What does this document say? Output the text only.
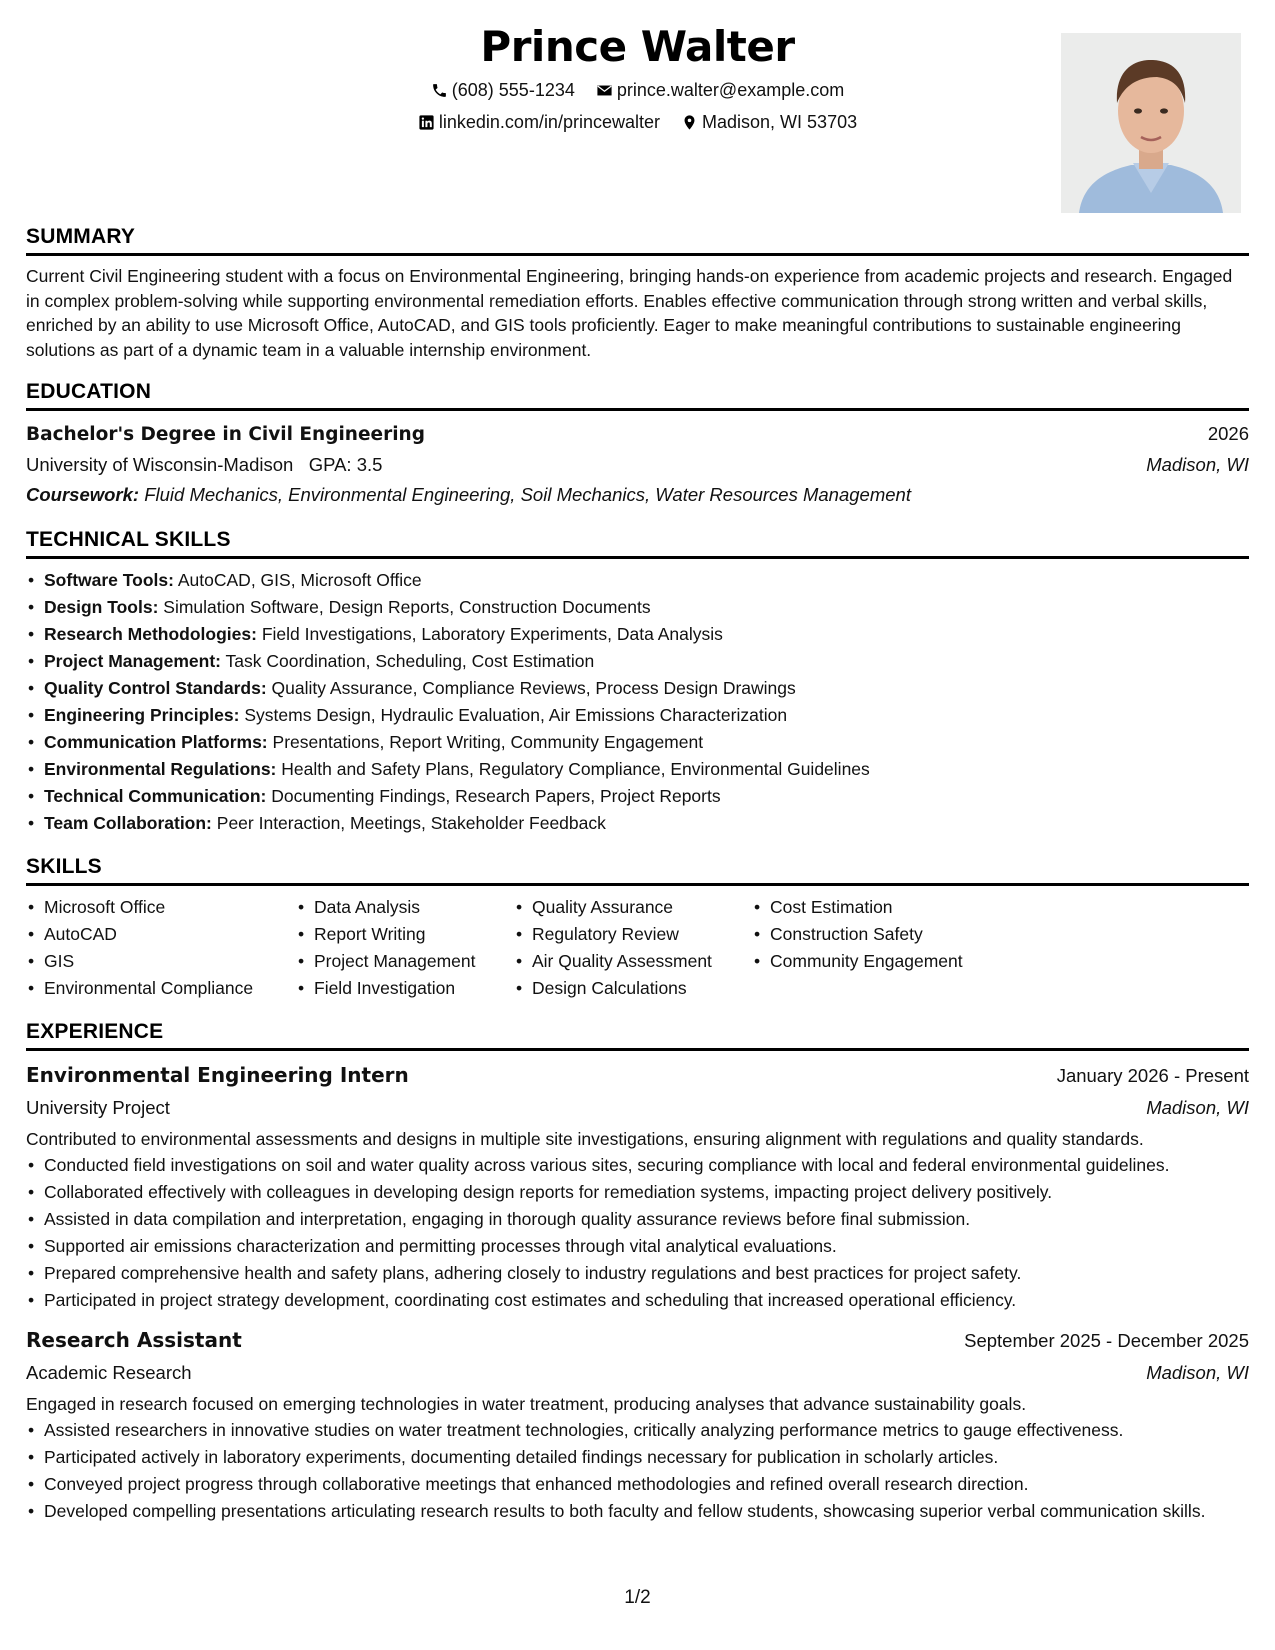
Prince Walter
(608) 555-1234
prince.walter@example.com
linkedin.com/in/princewalter
Madison, WI 53703
SUMMARY
Current Civil Engineering student with a focus on Environmental Engineering, bringing hands-on experience from academic projects and research. Engaged in complex problem-solving while supporting environmental remediation efforts. Enables effective communication through strong written and verbal skills, enriched by an ability to use Microsoft Office, AutoCAD, and GIS tools proficiently. Eager to make meaningful contributions to sustainable engineering solutions as part of a dynamic team in a valuable internship environment.
EDUCATION
Bachelor's Degree in Civil Engineering	2026
University of Wisconsin-Madison GPA: 3.5	Madison, WI
Coursework: Fluid Mechanics, Environmental Engineering, Soil Mechanics, Water Resources Management
TECHNICAL SKILLS
• Software Tools: AutoCAD, GIS, Microsoft Office
• Design Tools: Simulation Software, Design Reports, Construction Documents
• Research Methodologies: Field Investigations, Laboratory Experiments, Data Analysis
• Project Management: Task Coordination, Scheduling, Cost Estimation
• Quality Control Standards: Quality Assurance, Compliance Reviews, Process Design Drawings
• Engineering Principles: Systems Design, Hydraulic Evaluation, Air Emissions Characterization
• Communication Platforms: Presentations, Report Writing, Community Engagement
• Environmental Regulations: Health and Safety Plans, Regulatory Compliance, Environmental Guidelines
• Technical Communication: Documenting Findings, Research Papers, Project Reports
• Team Collaboration: Peer Interaction, Meetings, Stakeholder Feedback
SKILLS
• Microsoft Office
• AutoCAD
• GIS
• Environmental Compliance
• Data Analysis
• Report Writing
• Project Management
• Field Investigation
• Quality Assurance
• Regulatory Review
• Air Quality Assessment
• Design Calculations
• Cost Estimation
• Construction Safety
• Community Engagement
EXPERIENCE
Environmental Engineering Intern	January 2026 - Present
University Project	Madison, WI
Contributed to environmental assessments and designs in multiple site investigations, ensuring alignment with regulations and quality standards.
• Conducted field investigations on soil and water quality across various sites, securing compliance with local and federal environmental guidelines.
• Collaborated effectively with colleagues in developing design reports for remediation systems, impacting project delivery positively.
• Assisted in data compilation and interpretation, engaging in thorough quality assurance reviews before final submission.
• Supported air emissions characterization and permitting processes through vital analytical evaluations.
• Prepared comprehensive health and safety plans, adhering closely to industry regulations and best practices for project safety.
• Participated in project strategy development, coordinating cost estimates and scheduling that increased operational efficiency.
Research Assistant	September 2025 - December 2025
Academic Research	Madison, WI
Engaged in research focused on emerging technologies in water treatment, producing analyses that advance sustainability goals.
• Assisted researchers in innovative studies on water treatment technologies, critically analyzing performance metrics to gauge effectiveness.
• Participated actively in laboratory experiments, documenting detailed findings necessary for publication in scholarly articles.
• Conveyed project progress through collaborative meetings that enhanced methodologies and refined overall research direction.
• Developed compelling presentations articulating research results to both faculty and fellow students, showcasing superior verbal communication skills.
1/2
